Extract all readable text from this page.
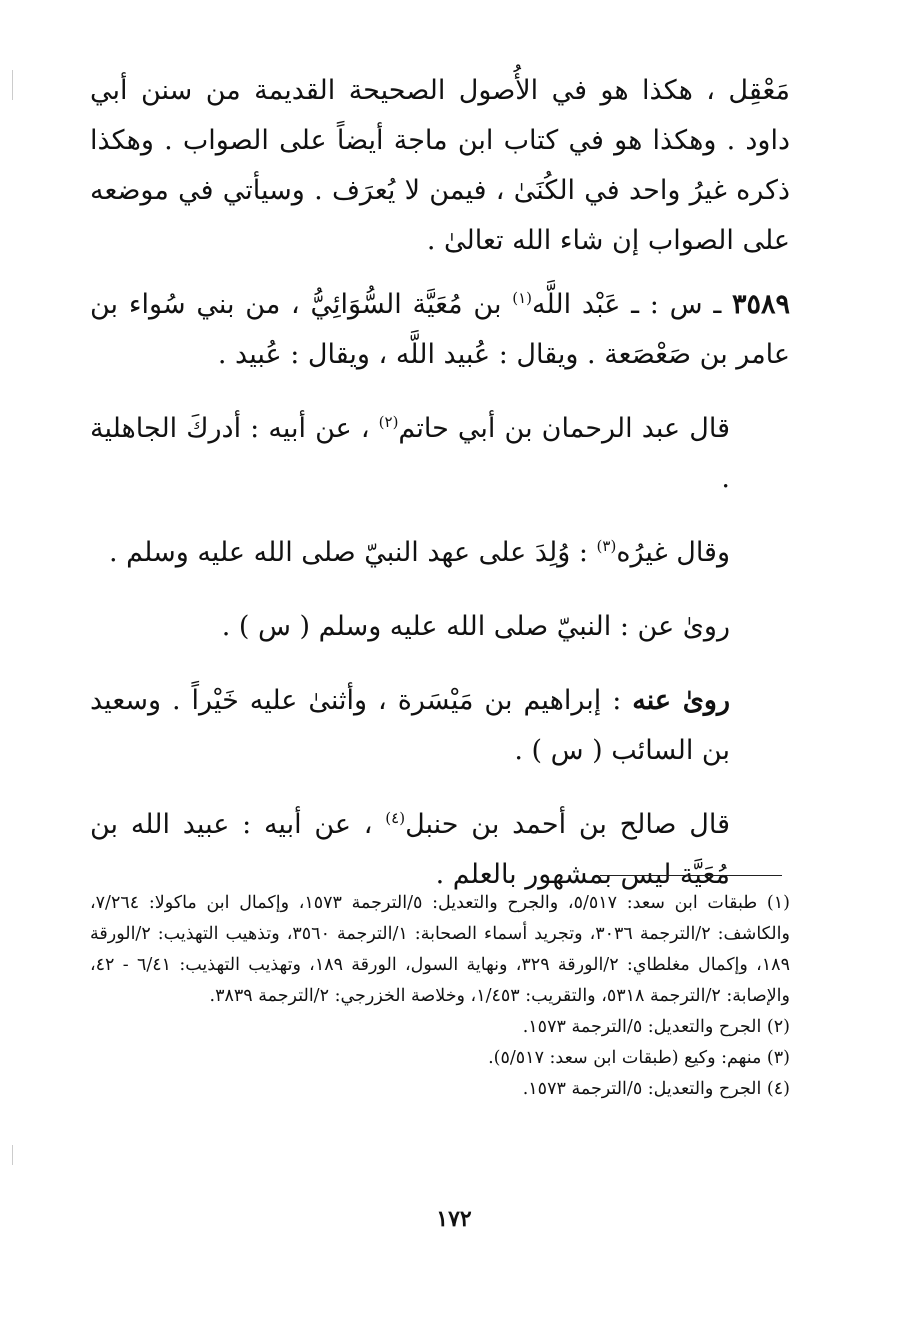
مَعْقِل ، هكذا هو في الأُصول الصحيحة القديمة من سنن أبي داود . وهكذا هو في كتاب ابن ماجة أيضاً على الصواب . وهكذا ذكره غيرُ واحد في الكُنَىٰ ، فيمن لا يُعرَف . وسيأتي في موضعه على الصواب إن شاء الله تعالىٰ .

٣٥٨٩ ـ س : ـ عَبْد اللَّه$^{(١)}$ بن مُعَيَّة السُّوَائِيُّ ، من بني سُواء بن عامر بن صَعْصَعة . ويقال : عُبيد اللَّه ، ويقال : عُبيد .

قال عبد الرحمان بن أبي حاتم$^{(٢)}$ ، عن أبيه : أدركَ الجاهلية .

وقال غيرُه$^{(٣)}$ : وُلِدَ على عهد النبيّ صلى الله عليه وسلم .

رویٰ عن : النبيّ صلى الله عليه وسلم ( س ) .

رویٰ عنه : إبراهيم بن مَيْسَرة ، وأثنىٰ عليه خَيْراً . وسعيد بن السائب ( س ) .

قال صالح بن أحمد بن حنبل$^{(٤)}$ ، عن أبيه : عبيد الله بن مُعَيَّة ليس بمشهور بالعلم .

(١) طبقات ابن سعد: ٥/٥١٧، والجرح والتعديل: ٥/الترجمة ١٥٧٣، وإكمال ابن ماكولا: ٧/٢٦٤، والكاشف: ٢/الترجمة ٣٠٣٦، وتجريد أسماء الصحابة: ١/الترجمة ٣٥٦٠، وتذهيب التهذيب: ٢/الورقة ١٨٩، وإكمال مغلطاي: ٢/الورقة ٣٢٩، ونهاية السول، الورقة ١٨٩، وتهذيب التهذيب: ٦/٤١ - ٤٢، والإصابة: ٢/الترجمة ٥٣١٨، والتقريب: ١/٤٥٣، وخلاصة الخزرجي: ٢/الترجمة ٣٨٣٩.

(٢) الجرح والتعديل: ٥/الترجمة ١٥٧٣.

(٣) منهم: وكيع (طبقات ابن سعد: ٥/٥١٧).

(٤) الجرح والتعديل: ٥/الترجمة ١٥٧٣.

١٧٢
